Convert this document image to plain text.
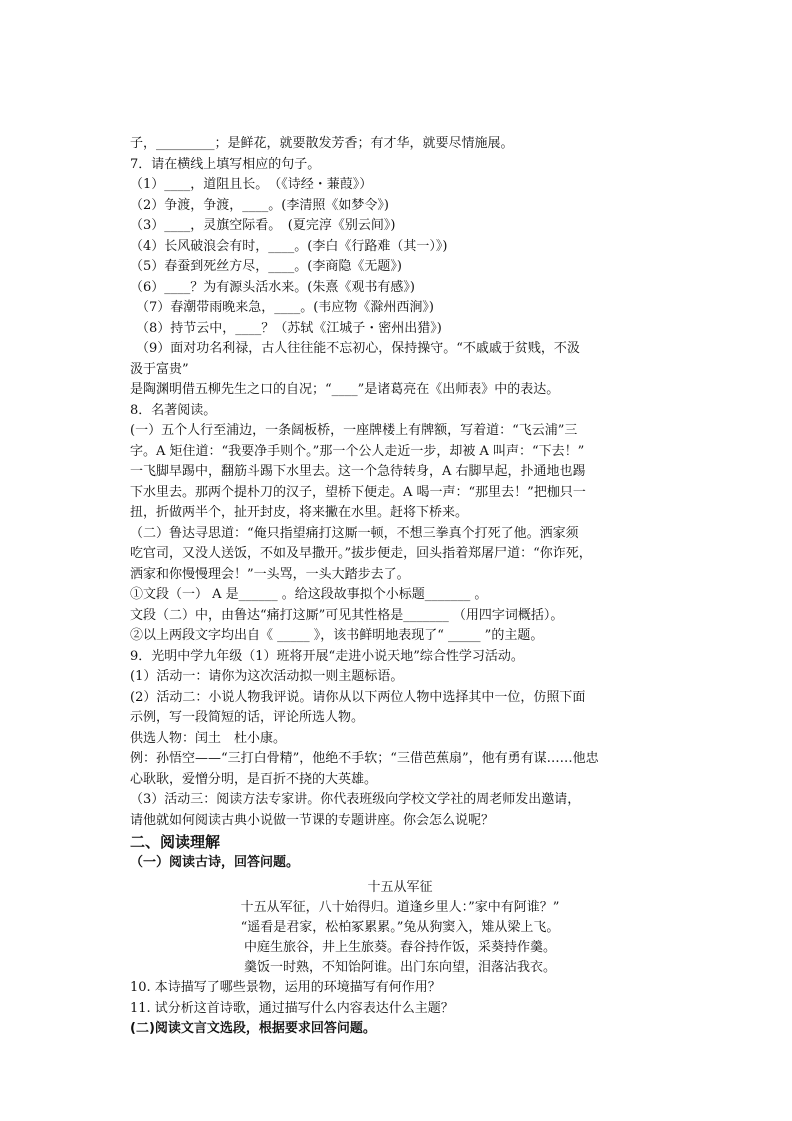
子，_________；是鲜花，就要散发芳香；有才华，就要尽情施展。

7．请在横线上填写相应的句子。

（1）____，道阻且长。　（《诗经・蒹葭》）

（2）争渡，争渡，____。(李清照《如梦令》)

（3）____，灵旗空际看。　(夏完淳《别云间》)

（4）长风破浪会有时，____。(李白《行路难（其一）》)

（5）春蚕到死丝方尽，____。(李商隐《无题》)

（6）____？为有源头活水来。(朱熹《观书有感》)

（7）春潮带雨晚来急，____。(韦应物《滁州西涧》)

（8）持节云中，____？（苏轼《江城子・密州出猎》)

（9）面对功名利禄，古人往往能不忘初心，保持操守。“不戚戚于贫贱，不汲

汲于富贵”

是陶渊明借五柳先生之口的自况；“____”是诸葛亮在《出师表》中的表达。

8．名著阅读。

(一）五个人行至浦边，一条阔板桥，一座牌楼上有牌额，写着道：“飞云浦”三

字。A 矩住道：“我要净手则个。”那一个公人走近一步，却被 A 叫声：“下去！”

一飞脚早踢中，翻筋斗踢下水里去。这一个急待转身，A 右脚早起，扑通地也踢

下水里去。那两个提朴刀的汉子，望桥下便走。A 喝一声：“那里去！”把枷只一

扭，折做两半个，扯开封皮，将来撇在水里。赶将下桥来。

（二）鲁达寻思道：“俺只指望痛打这厮一顿，不想三拳真个打死了他。洒家须

吃官司，又没人送饭，不如及早撒开。”拔步便走，回头指着郑屠尸道：“你诈死，

洒家和你慢慢理会！”一头骂，一头大踏步去了。

①文段（一） A 是______ 。给这段故事拟个小标题_______ 。

文段（二）中，由鲁达“痛打这厮”可见其性格是_______ （用四字词概括）。

②以上两段文字均出自《 _____ 》，该书鲜明地表现了“ _____ ”的主题。

9．光明中学九年级（1）班将开展“走进小说天地”综合性学习活动。

(1）活动一：请你为这次活动拟一则主题标语。

(2）活动二：小说人物我评说。请你从以下两位人物中选择其中一位，仿照下面

示例，写一段简短的话，评论所选人物。

供选人物：闰土　杜小康。

例：孙悟空——“三打白骨精”，他绝不手软；“三借芭蕉扇”，他有勇有谋……他忠

心耿耿，爱憎分明，是百折不挠的大英雄。

（3）活动三：阅读方法专家讲。你代表班级向学校文学社的周老师发出邀请，

请他就如何阅读古典小说做一节课的专题讲座。你会怎么说呢？

二、阅读理解

（一）阅读古诗，回答问题。

十五从军征

十五从军征，八十始得归。道逢乡里人：”家中有阿谁？”

“遥看是君家，松柏冢累累。”兔从狗窦入，雉从梁上飞。

中庭生旅谷，井上生旅葵。舂谷持作饭，采葵持作羹。

羹饭一时熟，不知饴阿谁。出门东向望，泪落沾我衣。

10. 本诗描写了哪些景物，运用的环境描写有何作用？

11. 试分析这首诗歌，通过描写什么内容表达什么主题？

(二)阅读文言文选段，根据要求回答问题。
